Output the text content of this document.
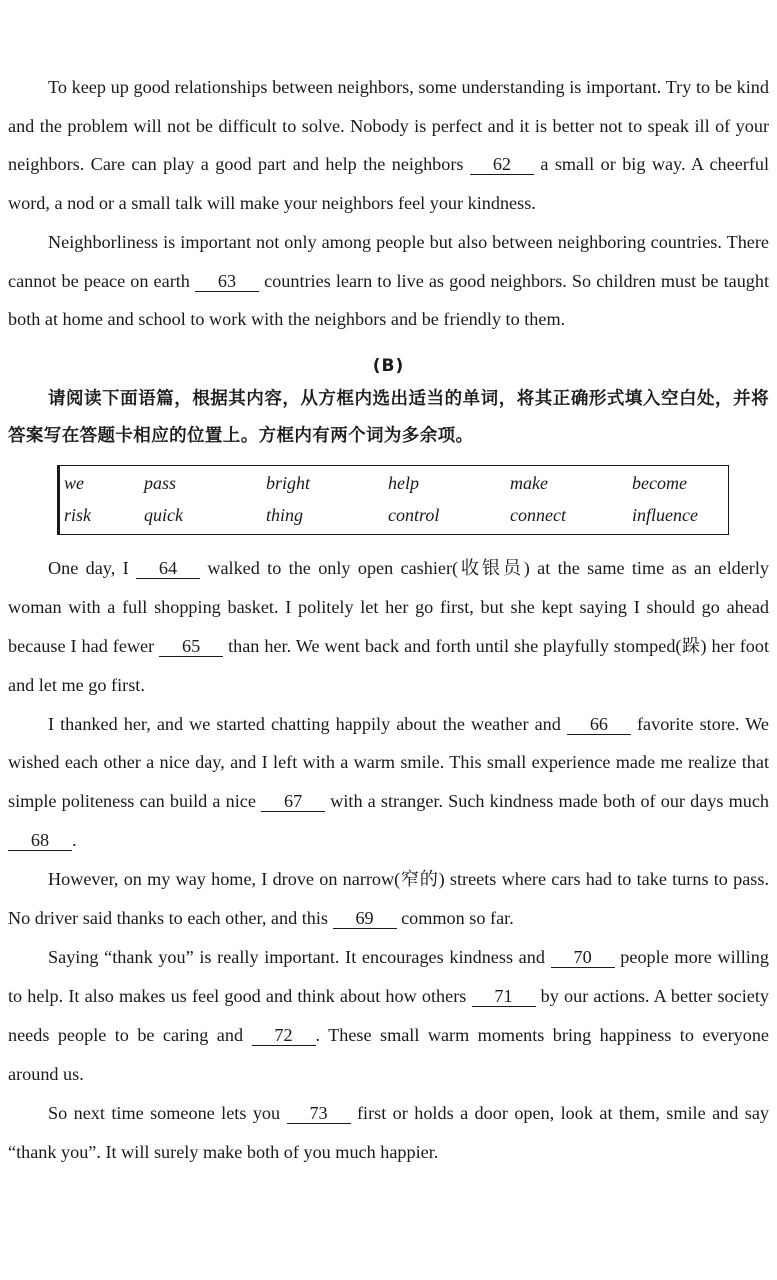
To keep up good relationships between neighbors, some understanding is important. Try to be kind and the problem will not be difficult to solve. Nobody is perfect and it is better not to speak ill of your neighbors. Care can play a good part and help the neighbors 62 a small or big way. A cheerful word, a nod or a small talk will make your neighbors feel your kindness.

Neighborliness is important not only among people but also between neighboring countries. There cannot be peace on earth 63 countries learn to live as good neighbors. So children must be taught both at home and school to work with the neighbors and be friendly to them.

(B)

请阅读下面语篇，根据其内容，从方框内选出适当的单词，将其正确形式填入空白处，并将答案写在答题卡相应的位置上。方框内有两个词为多余项。

we	pass	bright	help	make	become
risk	quick	thing	control	connect	influence

One day, I 64 walked to the only open cashier(收银员) at the same time as an elderly woman with a full shopping basket. I politely let her go first, but she kept saying I should go ahead because I had fewer 65 than her. We went back and forth until she playfully stomped(跺) her foot and let me go first.

I thanked her, and we started chatting happily about the weather and 66 favorite store. We wished each other a nice day, and I left with a warm smile. This small experience made me realize that simple politeness can build a nice 67 with a stranger. Such kindness made both of our days much 68 .

However, on my way home, I drove on narrow(窄的) streets where cars had to take turns to pass. No driver said thanks to each other, and this 69 common so far.

Saying “thank you” is really important. It encourages kindness and 70 people more willing to help. It also makes us feel good and think about how others 71 by our actions. A better society needs people to be caring and 72 . These small warm moments bring happiness to everyone around us.

So next time someone lets you 73 first or holds a door open, look at them, smile and say “thank you”. It will surely make both of you much happier.
